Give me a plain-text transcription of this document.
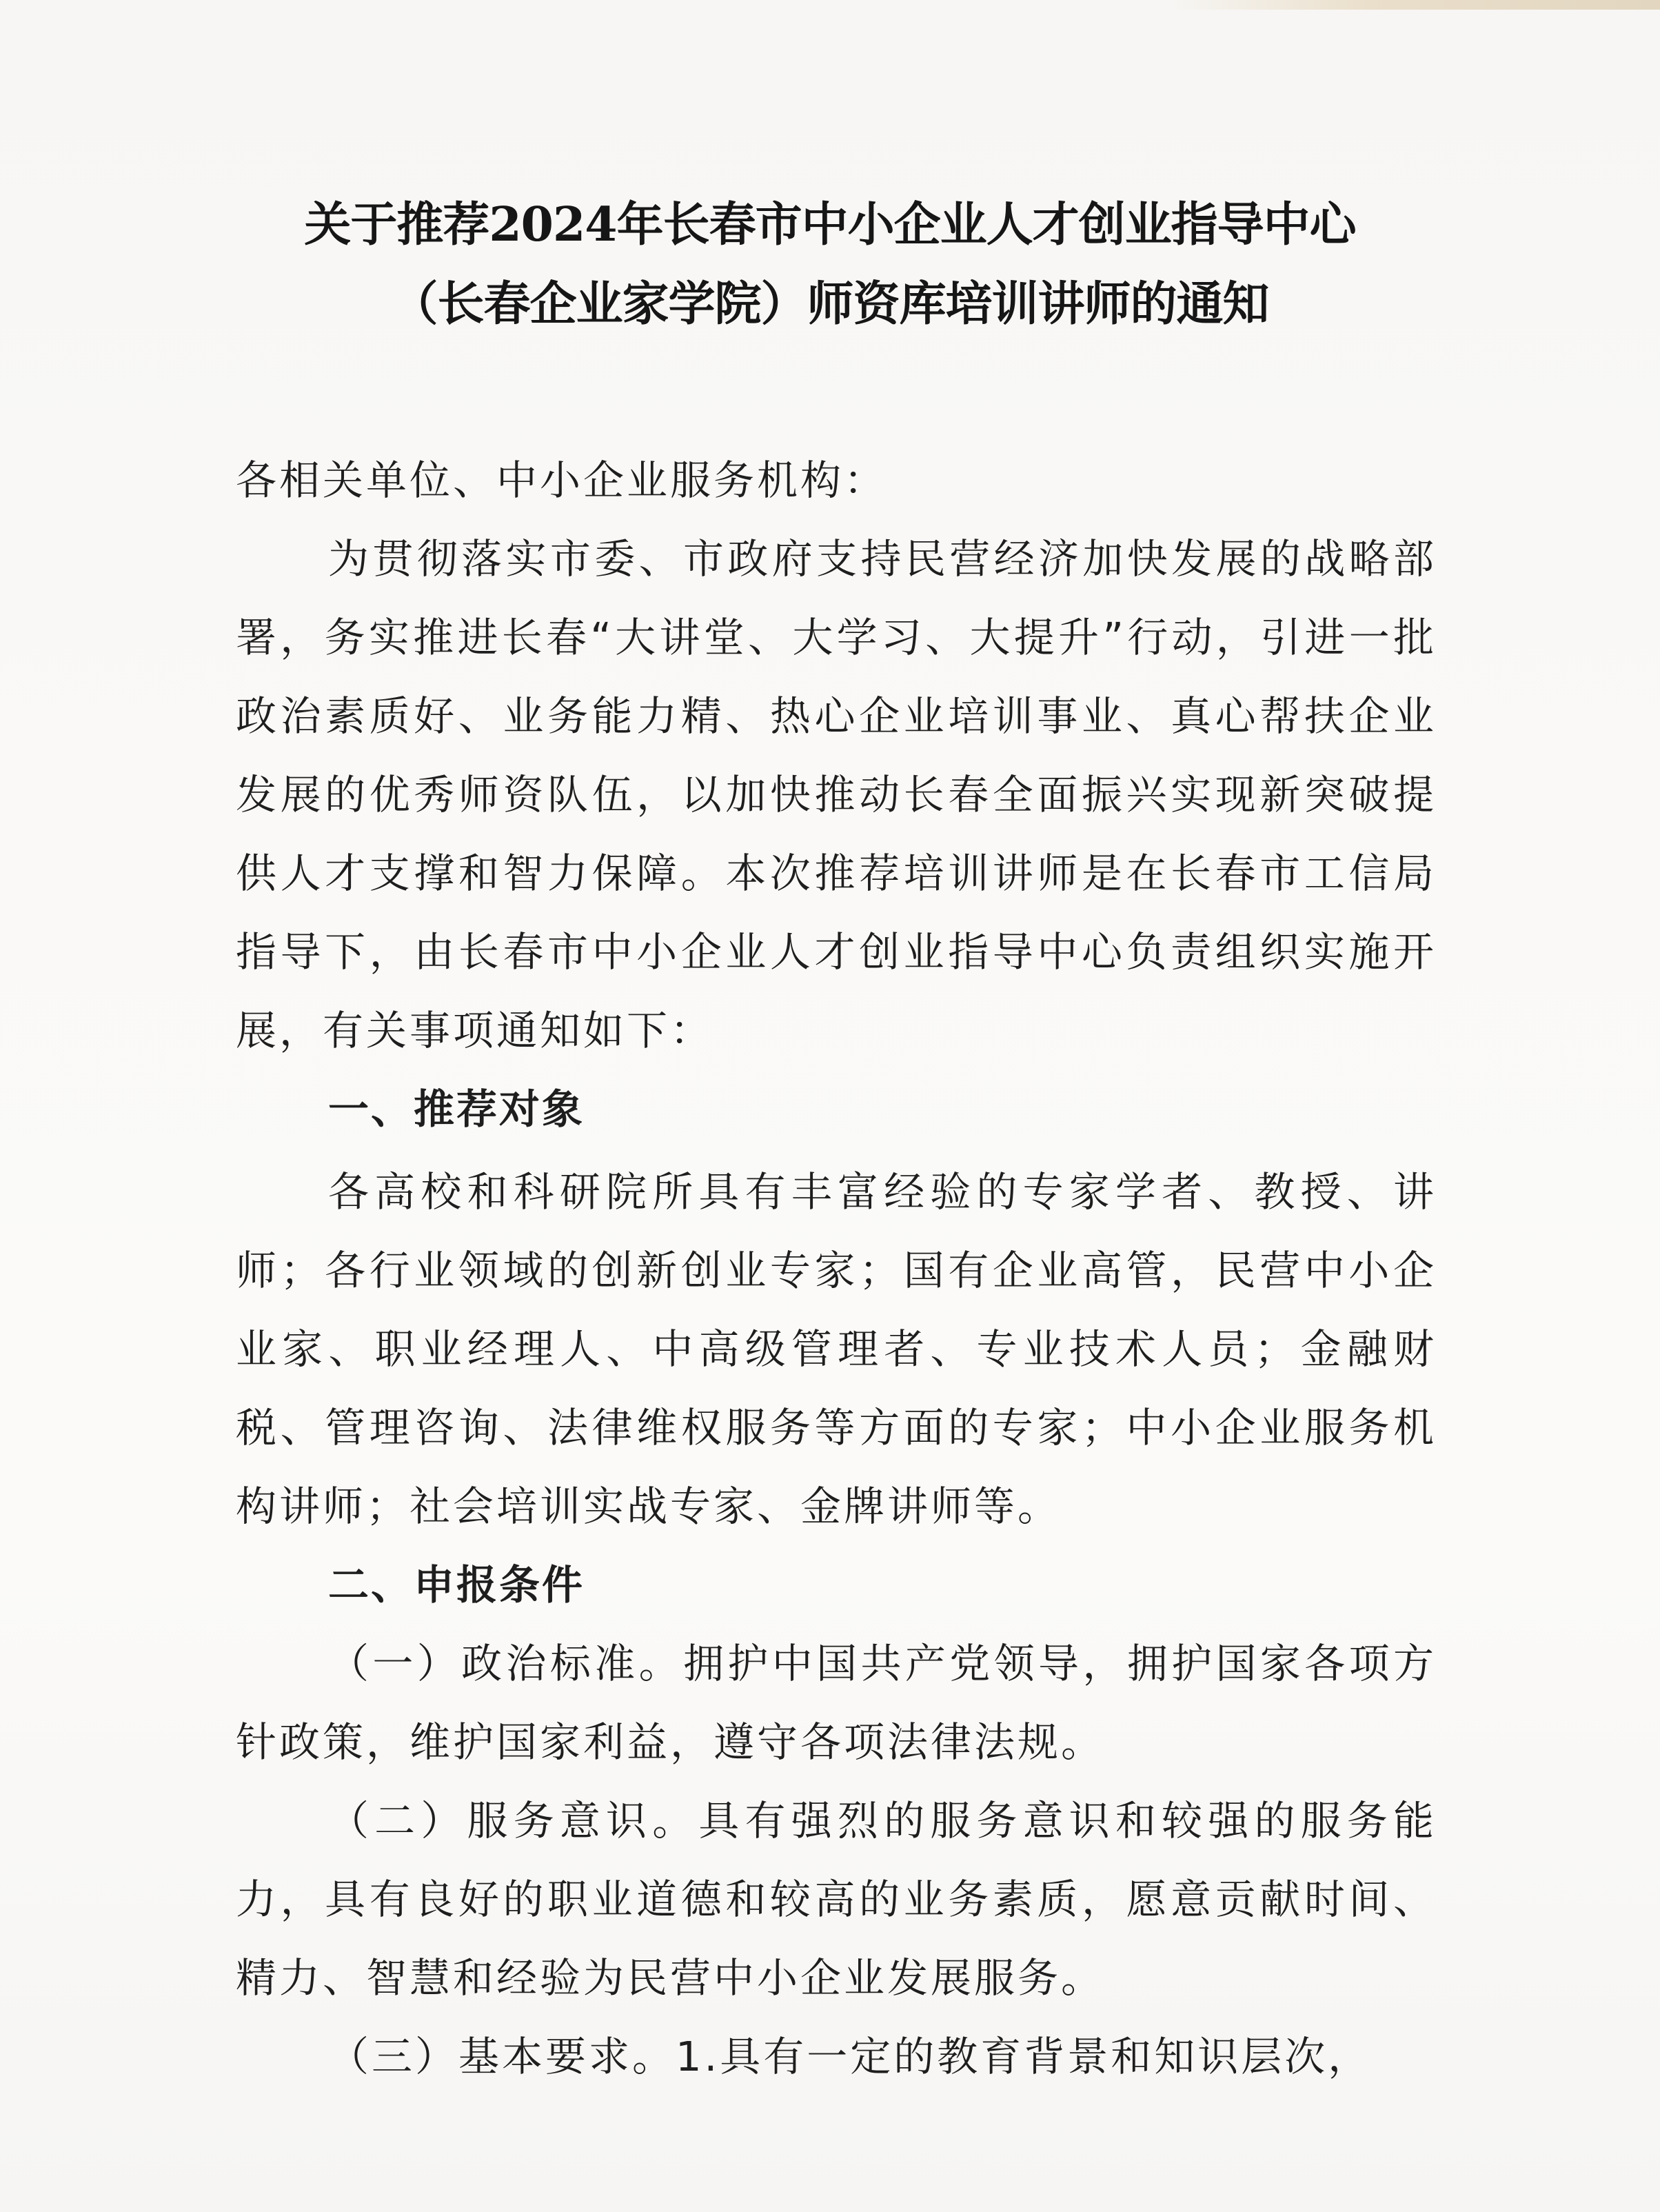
关于推荐2024年长春市中小企业人才创业指导中心
（长春企业家学院）师资库培训讲师的通知

各相关单位、中小企业服务机构：

为贯彻落实市委、市政府支持民营经济加快发展的战略部署，务实推进长春“大讲堂、大学习、大提升”行动，引进一批政治素质好、业务能力精、热心企业培训事业、真心帮扶企业发展的优秀师资队伍，以加快推动长春全面振兴实现新突破提供人才支撑和智力保障。本次推荐培训讲师是在长春市工信局指导下，由长春市中小企业人才创业指导中心负责组织实施开展，有关事项通知如下：

一、推荐对象

各高校和科研院所具有丰富经验的专家学者、教授、讲师；各行业领域的创新创业专家；国有企业高管，民营中小企业家、职业经理人、中高级管理者、专业技术人员；金融财税、管理咨询、法律维权服务等方面的专家；中小企业服务机构讲师；社会培训实战专家、金牌讲师等。

二、申报条件

（一）政治标准。拥护中国共产党领导，拥护国家各项方针政策，维护国家利益，遵守各项法律法规。

（二）服务意识。具有强烈的服务意识和较强的服务能力，具有良好的职业道德和较高的业务素质，愿意贡献时间、精力、智慧和经验为民营中小企业发展服务。

（三）基本要求。1.具有一定的教育背景和知识层次，
